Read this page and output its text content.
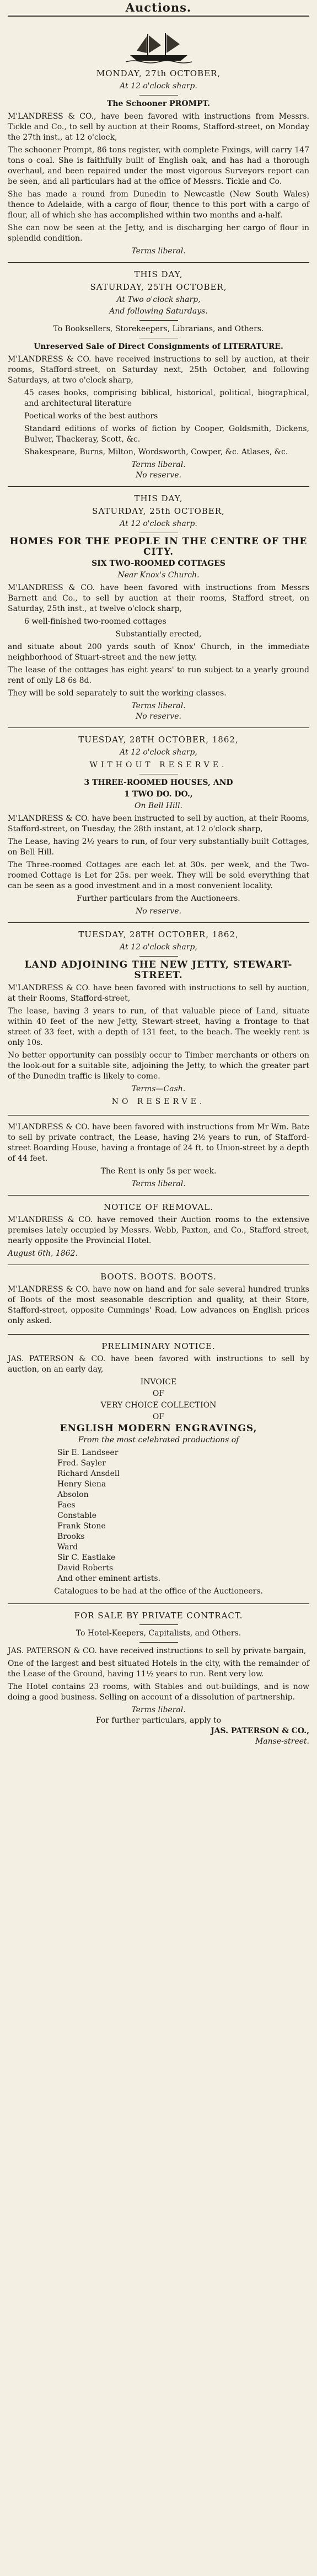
Auctions.
MONDAY, 27th OCTOBER,
At 12 o'clock sharp.
The Schooner PROMPT.

M'LANDRESS & CO., have been favored with instructions from Messrs. Tickle and Co., to sell by auction at their Rooms, Stafford-street, on Monday the 27th inst., at 12 o'clock,

The schooner Prompt, 86 tons register, with complete Fixings, will carry 147 tons o coal. She is faithfully built of English oak, and has had a thorough overhaul, and been repaired under the most vigorous Surveyors report can be seen, and all particulars had at the office of Messrs. Tickle and Co.

She has made a round from Dunedin to Newcastle (New South Wales) thence to Adelaide, with a cargo of flour, thence to this port with a cargo of flour, all of which she has accomplished within two months and a-half.

She can now be seen at the Jetty, and is discharging her cargo of flour in splendid condition.

Terms liberal.
THIS DAY,
SATURDAY, 25TH OCTOBER,
At Two o'clock sharp,
And following Saturdays.
To Booksellers, Storekeepers, Librarians, and Others.
Unreserved Sale of Direct Consignments of LITERATURE.

M'LANDRESS & CO. have received instructions to sell by auction, at their rooms, Stafford-street, on Saturday next, 25th October, and following Saturdays, at two o'clock sharp,

45 cases books, comprising biblical, historical, political, biographical, and architectural literature

Poetical works of the best authors

Standard editions of works of fiction by Cooper, Goldsmith, Dickens, Bulwer, Thackeray, Scott, &c.

Shakespeare, Burns, Milton, Wordsworth, Cowper, &c. Atlases, &c.

Terms liberal.
No reserve.
THIS DAY,
SATURDAY, 25th OCTOBER,
At 12 o'clock sharp.
HOMES FOR THE PEOPLE IN THE CENTRE OF THE CITY.
SIX TWO-ROOMED COTTAGES
Near Knox's Church.

M'LANDRESS & CO. have been favored with instructions from Messrs Barnett and Co., to sell by auction at their rooms, Stafford street, on Saturday, 25th inst., at twelve o'clock sharp,

6 well-finished two-roomed cottages

Substantially erected,

and situate about 200 yards south of Knox' Church, in the immediate neighborhood of Stuart-street and the new jetty.

The lease of the cottages has eight years' to run subject to a yearly ground rent of only L8 6s 8d.

They will be sold separately to suit the working classes.

Terms liberal.
No reserve.
TUESDAY, 28TH OCTOBER, 1862,
At 12 o'clock sharp,
WITHOUT RESERVE.
3 THREE-ROOMED HOUSES, AND
1 TWO DO. DO.,
On Bell Hill.

M'LANDRESS & CO. have been instructed to sell by auction, at their Rooms, Stafford-street, on Tuesday, the 28th instant, at 12 o'clock sharp,

The Lease, having 2½ years to run, of four very substantially-built Cottages, on Bell Hill.

The Three-roomed Cottages are each let at 30s. per week, and the Two-roomed Cottage is Let for 25s. per week. They will be sold everything that can be seen as a good investment and in a most convenient locality.

Further particulars from the Auctioneers.

No reserve.
TUESDAY, 28TH OCTOBER, 1862,
At 12 o'clock sharp,
LAND ADJOINING THE NEW JETTY, STEWART-STREET.

M'LANDRESS & CO. have been favored with instructions to sell by auction, at their Rooms, Stafford-street,

The lease, having 3 years to run, of that valuable piece of Land, situate within 40 feet of the new Jetty, Stewart-street, having a frontage to that street of 33 feet, with a depth of 131 feet, to the beach. The weekly rent is only 10s.

No better opportunity can possibly occur to Timber merchants or others on the look-out for a suitable site, adjoining the Jetty, to which the greater part of the Dunedin traffic is likely to come.

Terms—Cash.
NO RESERVE.

M'LANDRESS & CO. have been favored with instructions from Mr Wm. Bate to sell by private contract, the Lease, having 2½ years to run, of Stafford-street Boarding House, having a frontage of 24 ft. to Union-street by a depth of 44 feet.

The Rent is only 5s per week.

Terms liberal.
NOTICE OF REMOVAL.

M'LANDRESS & CO. have removed their Auction rooms to the extensive premises lately occupied by Messrs. Webb, Paxton, and Co., Stafford street, nearly opposite the Provincial Hotel.

August 6th, 1862.
BOOTS. BOOTS. BOOTS.

M'LANDRESS & CO. have now on hand and for sale several hundred trunks of Boots of the most seasonable description and quality, at their Store, Stafford-street, opposite Cummings' Road. Low advances on English prices only asked.

PRELIMINARY NOTICE.

JAS. PATERSON & CO. have been favored with instructions to sell by auction, on an early day,

INVOICE
OF
VERY CHOICE COLLECTION
OF
ENGLISH MODERN ENGRAVINGS,
From the most celebrated productions of
Sir E. Landseer
Fred. Sayler
Richard Ansdell
Henry Siena
Absolon
Faes
Constable
Frank Stone
Brooks
Ward
Sir C. Eastlake
David Roberts
And other eminent artists.
Catalogues to be had at the office of the Auctioneers.
FOR SALE BY PRIVATE CONTRACT.
To Hotel-Keepers, Capitalists, and Others.

JAS. PATERSON & CO. have received instructions to sell by private bargain,

One of the largest and best situated Hotels in the city, with the remainder of the Lease of the Ground, having 11½ years to run. Rent very low.

The Hotel contains 23 rooms, with Stables and out-buildings, and is now doing a good business. Selling on account of a dissolution of partnership.

Terms liberal.
For further particulars, apply to
JAS. PATERSON & CO.,
Manse-street.
